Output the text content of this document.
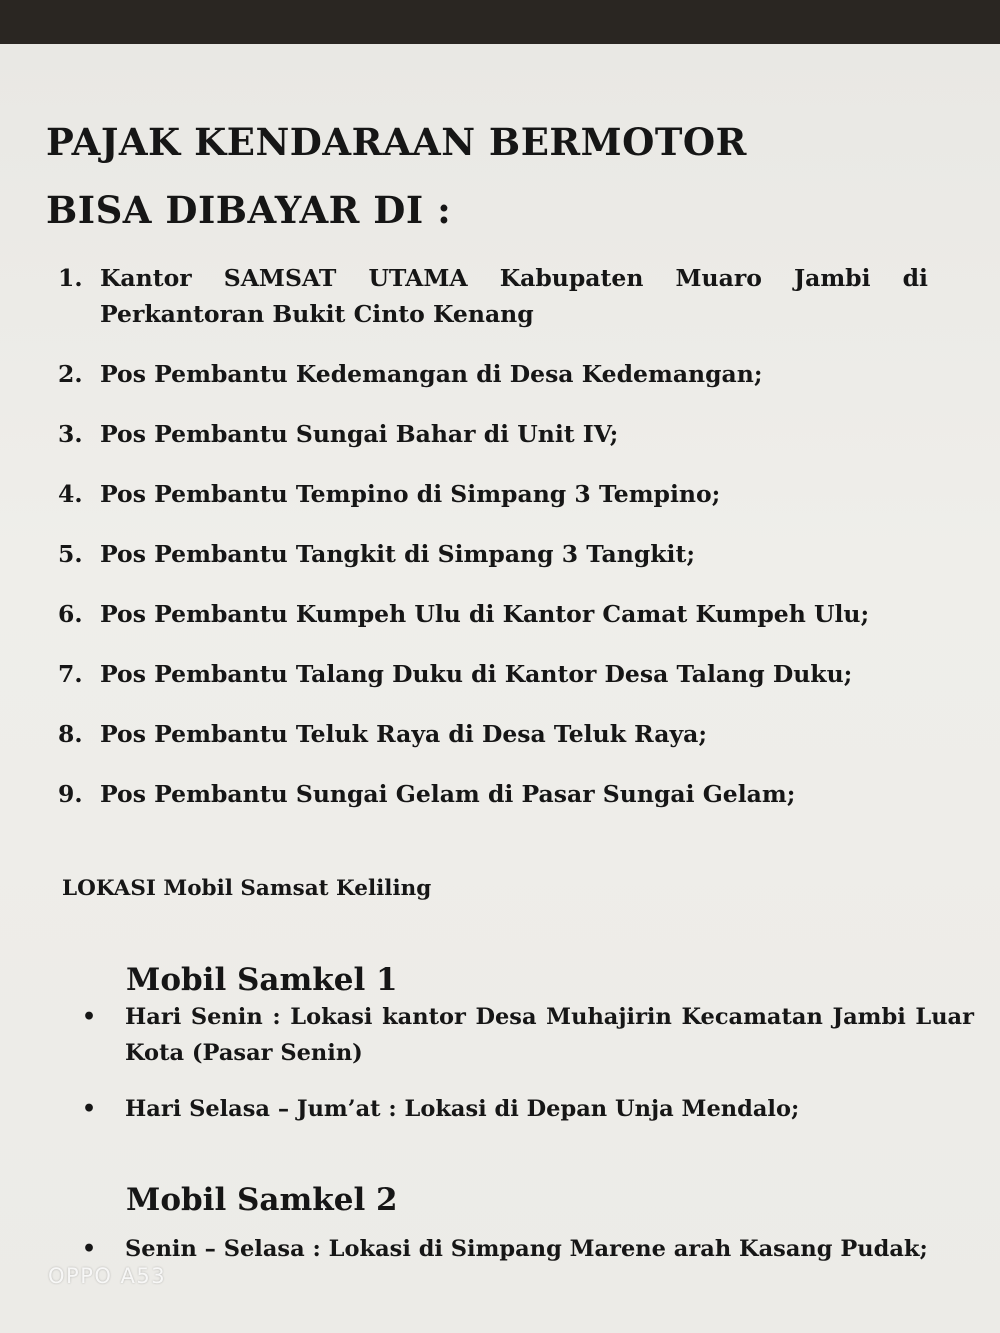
PAJAK KENDARAAN BERMOTOR
BISA DIBAYAR DI :
1. Kantor SAMSAT UTAMA Kabupaten Muaro Jambi di Perkantoran Bukit Cinto Kenang
2. Pos Pembantu Kedemangan di Desa Kedemangan;
3. Pos Pembantu Sungai Bahar di Unit IV;
4. Pos Pembantu Tempino di Simpang 3 Tempino;
5. Pos Pembantu Tangkit di Simpang 3 Tangkit;
6. Pos Pembantu Kumpeh Ulu di Kantor Camat Kumpeh Ulu;
7. Pos Pembantu Talang Duku di Kantor Desa Talang Duku;
8. Pos Pembantu Teluk Raya di Desa Teluk Raya;
9. Pos Pembantu Sungai Gelam di Pasar Sungai Gelam;
LOKASI Mobil Samsat Keliling
Mobil Samkel 1
• Hari Senin : Lokasi kantor Desa Muhajirin Kecamatan Jambi Luar Kota (Pasar Senin)
• Hari Selasa – Jum’at : Lokasi di Depan Unja Mendalo;
Mobil Samkel 2
• Senin – Selasa : Lokasi di Simpang Marene arah Kasang Pudak;
OPPO A53
